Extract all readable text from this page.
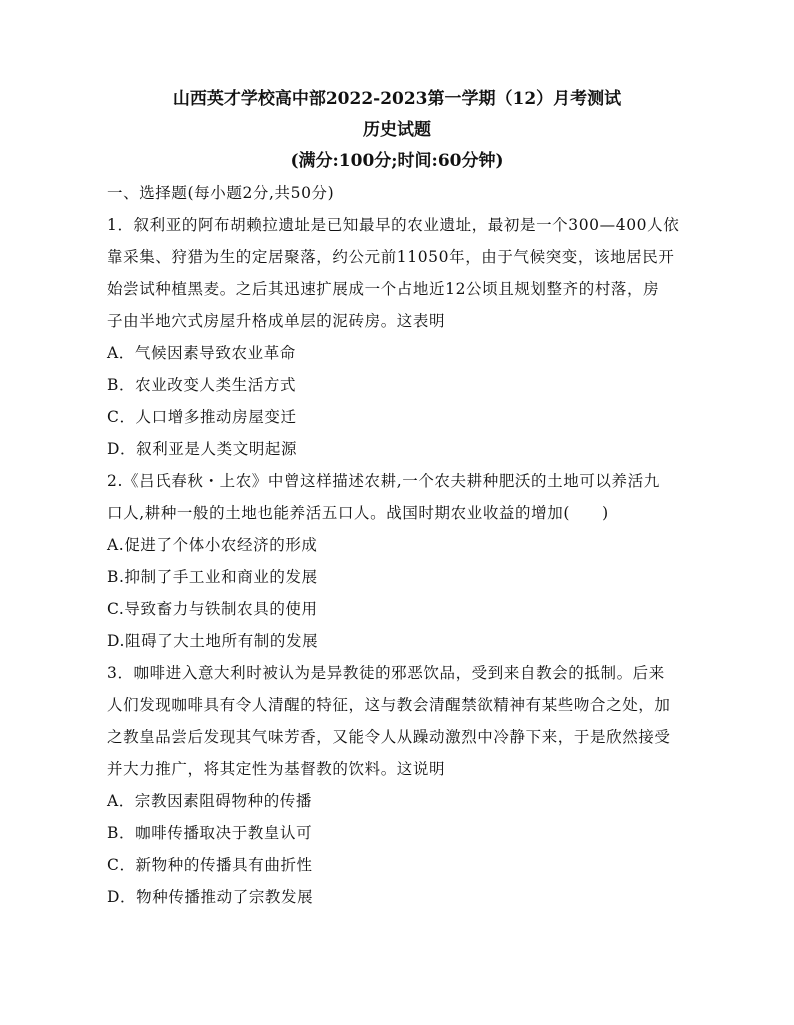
山西英才学校高中部2022-2023第一学期（12）月考测试
历史试题
(满分:100分;时间:60分钟)
一、选择题(每小题2分,共50分)
1．叙利亚的阿布胡赖拉遗址是已知最早的农业遗址，最初是一个300—400人依
靠采集、狩猎为生的定居聚落，约公元前11050年，由于气候突变，该地居民开
始尝试种植黑麦。之后其迅速扩展成一个占地近12公顷且规划整齐的村落，房
子由半地穴式房屋升格成单层的泥砖房。这表明
A．气候因素导致农业革命
B．农业改变人类生活方式
C．人口增多推动房屋变迁
D．叙利亚是人类文明起源
2.《吕氏春秋・上农》中曾这样描述农耕,一个农夫耕种肥沃的土地可以养活九
口人,耕种一般的土地也能养活五口人。战国时期农业收益的增加(　　)
A.促进了个体小农经济的形成
B.抑制了手工业和商业的发展
C.导致畜力与铁制农具的使用
D.阻碍了大土地所有制的发展
3．咖啡进入意大利时被认为是异教徒的邪恶饮品，受到来自教会的抵制。后来
人们发现咖啡具有令人清醒的特征，这与教会清醒禁欲精神有某些吻合之处，加
之教皇品尝后发现其气味芳香，又能令人从躁动激烈中冷静下来，于是欣然接受
并大力推广，将其定性为基督教的饮料。这说明
A．宗教因素阻碍物种的传播
B．咖啡传播取决于教皇认可
C．新物种的传播具有曲折性
D．物种传播推动了宗教发展
